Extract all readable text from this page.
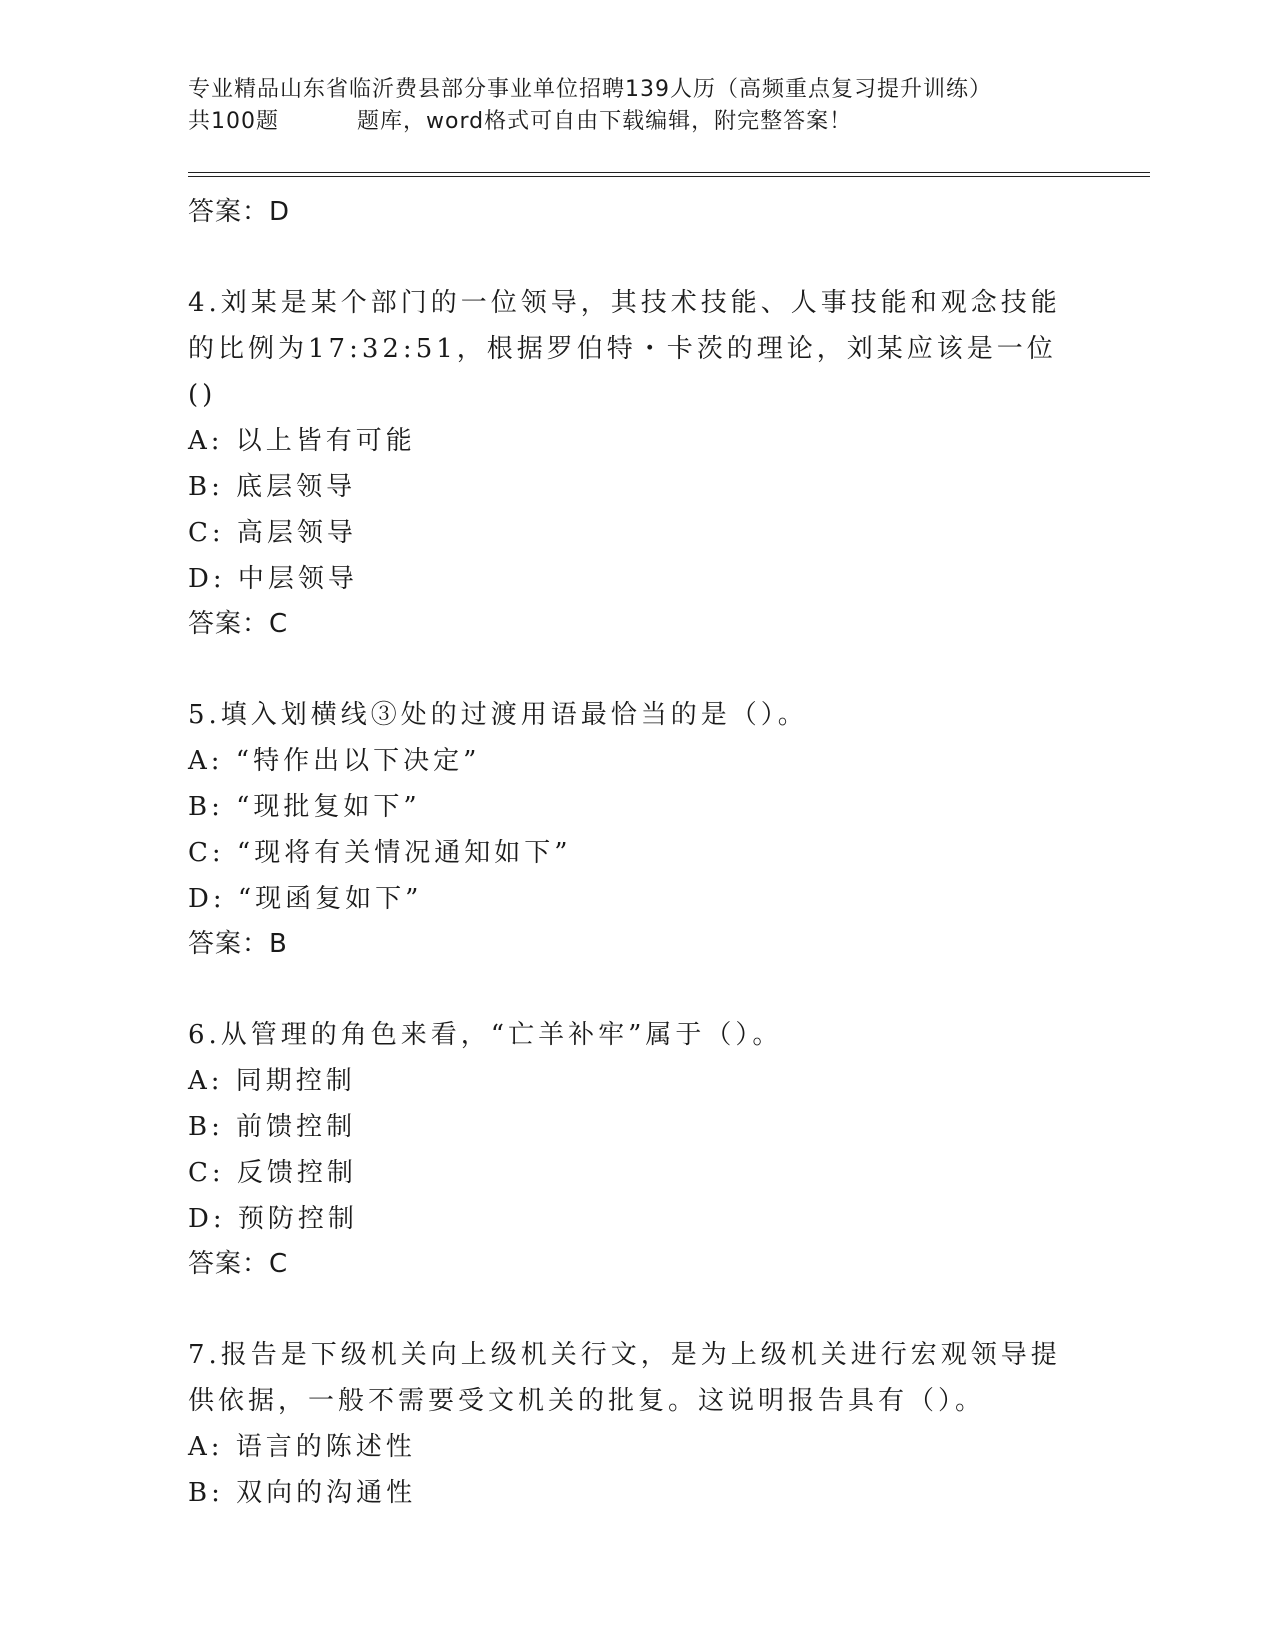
专业精品山东省临沂费县部分事业单位招聘139人历（高频重点复习提升训练）
共100题	题库，word格式可自由下载编辑，附完整答案！
答案：D
4.刘某是某个部门的一位领导，其技术技能、人事技能和观念技能的比例为17:32:51，根据罗伯特・卡茨的理论，刘某应该是一位()
A: 以上皆有可能
B: 底层领导
C: 高层领导
D: 中层领导
答案：C
5.填入划横线③处的过渡用语最恰当的是（）。
A: “特作出以下决定”
B: “现批复如下”
C: “现将有关情况通知如下”
D: “现函复如下”
答案：B
6.从管理的角色来看，“亡羊补牢”属于（）。
A: 同期控制
B: 前馈控制
C: 反馈控制
D: 预防控制
答案：C
7.报告是下级机关向上级机关行文，是为上级机关进行宏观领导提供依据，一般不需要受文机关的批复。这说明报告具有（）。
A: 语言的陈述性
B: 双向的沟通性
